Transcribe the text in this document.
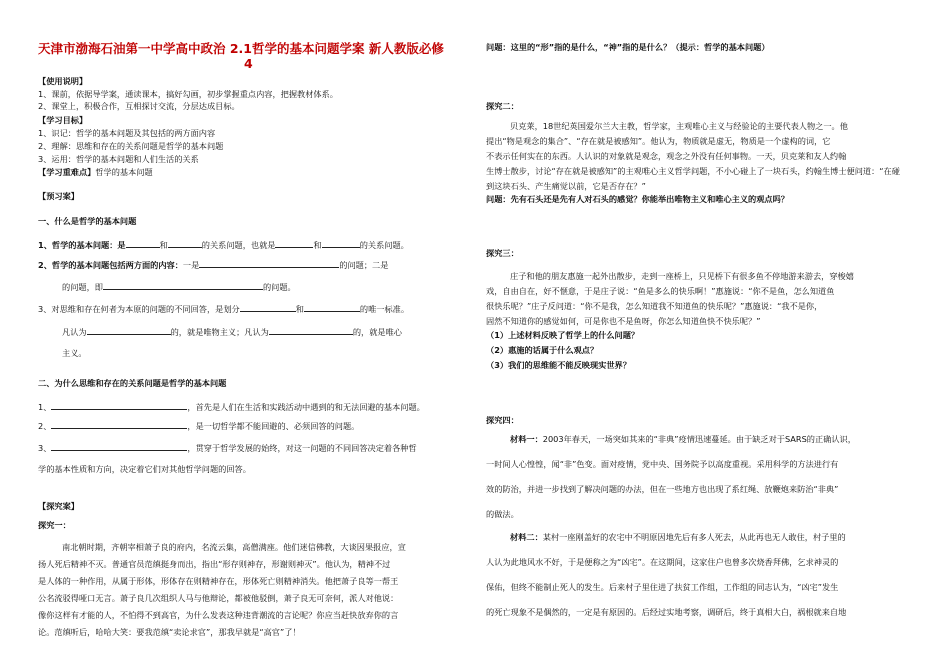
天津市渤海石油第一中学高中政治 2.1哲学的基本问题学案 新人教版必修
4
【使用说明】
1、课前，依据导学案，通读课本，搞好勾画，初步掌握重点内容，把握教材体系。
2、课堂上，积极合作，互相探讨交流，分层达成目标。
【学习目标】
1、识记：哲学的基本问题及其包括的两方面内容
2、理解：思维和存在的关系问题是哲学的基本问题
3、运用：哲学的基本问题和人们生活的关系
【学习重难点】哲学的基本问题
【预习案】
一、什么是哲学的基本问题
1、哲学的基本问题：是	和	的关系问题，也就是	和	的关系问题。
2、哲学的基本问题包括两方面的内容：一是	的问题；二是
的问题，即	的问题。
3、对思维和存在何者为本原的问题的不同回答，是划分	和	的唯一标准。
凡认为	的，就是唯物主义；凡认为	的，就是唯心
主义。
二、为什么思维和存在的关系问题是哲学的基本问题
1、	，首先是人们在生活和实践活动中遇到的和无法回避的基本问题。
2、	，是一切哲学都不能回避的、必须回答的问题。
3、	，贯穿于哲学发展的始终，对这一问题的不同回答决定着各种哲
学的基本性质和方向，决定着它们对其他哲学问题的回答。
【探究案】
探究一：
南北朝时期，齐朝宰相萧子良的府内，名流云集，高僧满座。他们迷信佛教，大谈因果报应，宣
扬人死后精神不灭。普通官员范缜挺身而出，指出“形存则神存，形谢则神灭”。他认为，精神不过
是人体的一种作用，从属于形体，形体存在则精神存在，形体死亡则精神消失。他把萧子良等一帮王
公名流驳得哑口无言。萧子良几次组织人马与他辩论，都被他驳倒，萧子良无可奈何，派人对他说：
像你这样有才能的人，不怕得不到高官，为什么发表这种违背潮流的言论呢？你应当赶快放弃你的言
论。范缜听后，哈哈大笑：要我范缜“卖论求官”，那我早就是“高官”了！
问题：这里的“形”指的是什么，“神”指的是什么？（提示：哲学的基本问题）
探究二：
贝克莱，18世纪英国爱尔兰大主教，哲学家，主观唯心主义与经验论的主要代表人物之一。他
提出“物是观念的集合”、“存在就是被感知”。他认为，物质就是虚无，物质是一个虚构的词，它
不表示任何实在的东西。人认识的对象就是观念，观念之外没有任何事物。一天，贝克莱和友人约翰
生博士散步，讨论“存在就是被感知”的主观唯心主义哲学问题，不小心碰上了一块石头，约翰生博士便问道：“在碰
到这块石头、产生痛觉以前，它是否存在？”
问题：先有石头还是先有人对石头的感觉？你能举出唯物主义和唯心主义的观点吗？
探究三：
庄子和他的朋友惠施一起外出散步，走到一座桥上，只见桥下有很多鱼不停地游来游去，穿梭嬉
戏，自由自在，好不惬意，于是庄子说：“鱼是多么的快乐啊！”惠施说：“你不是鱼，怎么知道鱼
很快乐呢？”庄子反问道：“你不是我，怎么知道我不知道鱼的快乐呢？”惠施说：“我不是你，
固然不知道你的感觉如何，可是你也不是鱼呀，你怎么知道鱼快不快乐呢？”
（1）上述材料反映了哲学上的什么问题？
（2）惠施的话属于什么观点？
（3）我们的思维能不能反映现实世界？
探究四：
材料一：2003年春天，一场突如其来的“非典”疫情迅速蔓延。由于缺乏对于SARS的正确认识，
一时间人心惶惶，闻“非”色变。面对疫情，党中央、国务院予以高度重视。采用科学的方法进行有
效的防治，并进一步找到了解决问题的办法，但在一些地方也出现了系红绳、放鞭炮来防治“非典”
的做法。
材料二：某村一座刚盖好的农宅中不明原因地先后有多人死去，从此再也无人敢住，村子里的
人认为此地风水不好，于是便称之为“凶宅”。在这期间，这家住户也曾多次烧香拜佛，乞求神灵的
保佑，但终不能制止死人的发生。后来村子里住进了扶贫工作组，工作组的同志认为，“凶宅”发生
的死亡现象不是偶然的，一定是有原因的。后经过实地考察，调研后，终于真相大白，祸根就来自地
